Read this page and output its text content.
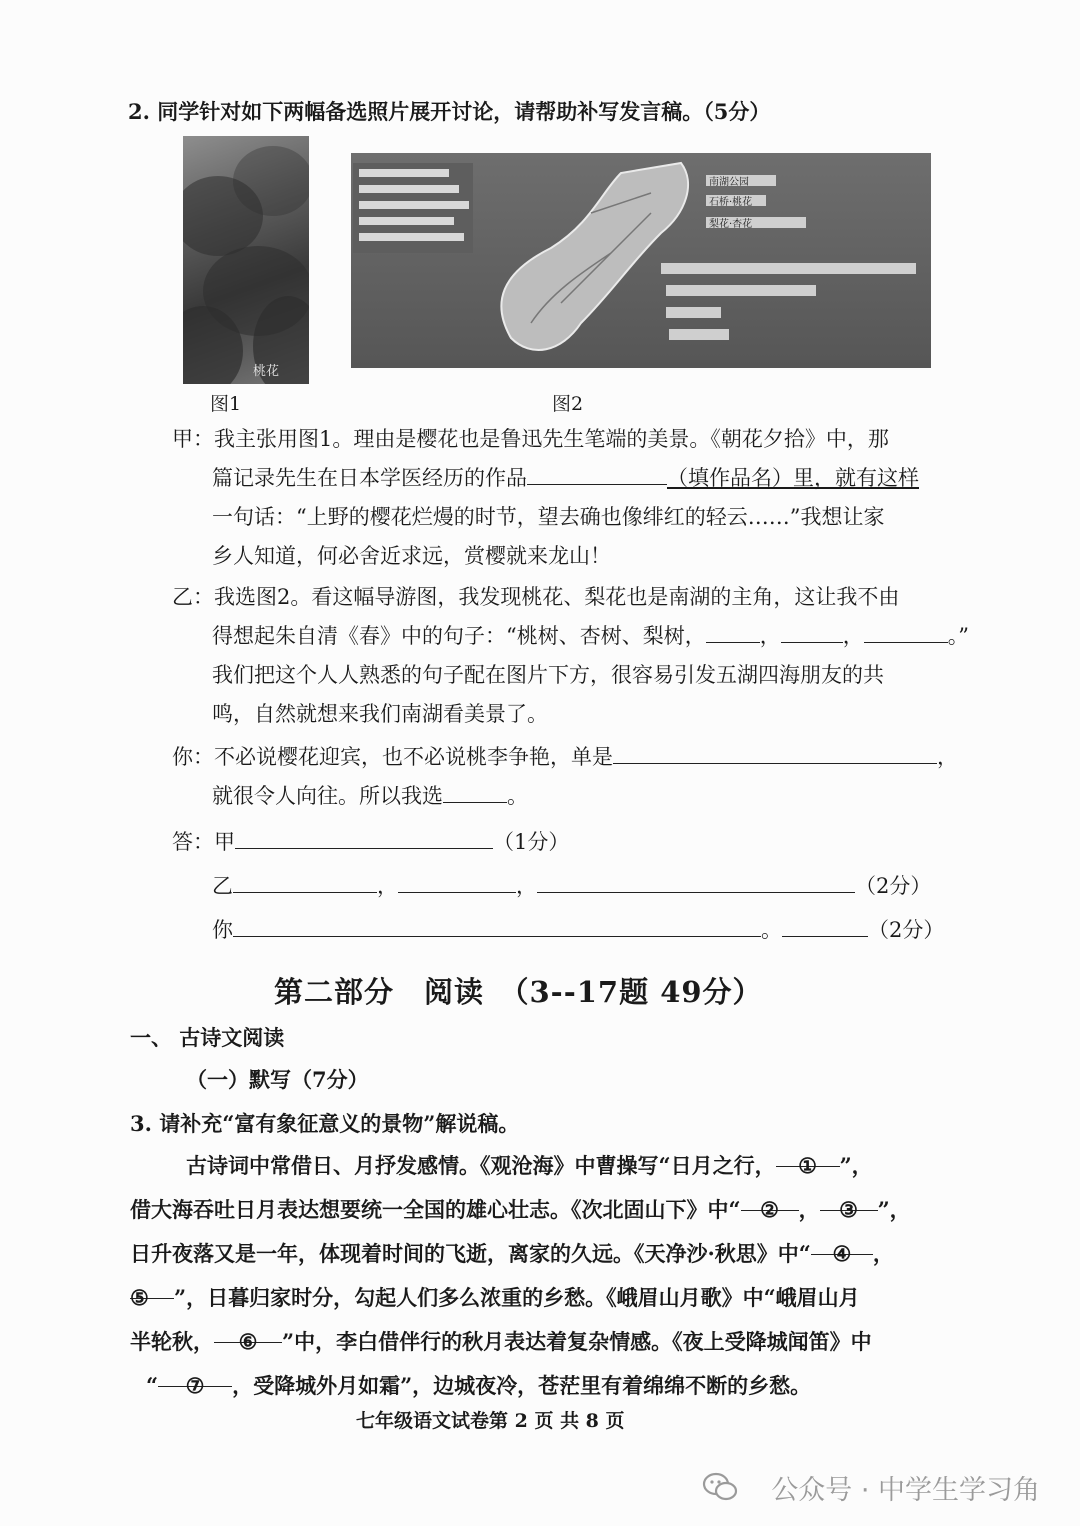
2. 同学针对如下两幅备选照片展开讨论，请帮助补写发言稿。（5分）
桃花
南湖公园
石桥·桃花
梨花·杏花
图1	图2
甲：我主张用图1。理由是樱花也是鲁迅先生笔端的美景。《朝花夕拾》中，那
篇记录先生在日本学医经历的作品	（填作品名）里，就有这样
一句话：“上野的樱花烂熳的时节，望去确也像绯红的轻云……”我想让家
乡人知道，何必舍近求远，赏樱就来龙山！
乙：我选图2。看这幅导游图，我发现桃花、梨花也是南湖的主角，这让我不由
得想起朱自清《春》中的句子：“桃树、杏树、梨树，	，	，	。”
我们把这个人人熟悉的句子配在图片下方，很容易引发五湖四海朋友的共
鸣，自然就想来我们南湖看美景了。
你：不必说樱花迎宾，也不必说桃李争艳，单是	，
就很令人向往。所以我选	。
答：甲	（1分）
乙	，	，	（2分）
你	。	（2分）
第二部分　阅读　（3--17题 49分）
一、 古诗文阅读
（一）默写（7分）
3. 请补充“富有象征意义的景物”解说稿。
古诗词中常借日、月抒发感情。《观沧海》中曹操写“日月之行， ① ”，
借大海吞吐日月表达想要统一全国的雄心壮志。《次北固山下》中“ ② ， ③ ”，
日升夜落又是一年，体现着时间的飞逝，离家的久远。《天净沙·秋思》中“ ④ ，
⑤ ”，日暮归家时分，勾起人们多么浓重的乡愁。《峨眉山月歌》中“峨眉山月
半轮秋， ⑥ ”中，李白借伴行的秋月表达着复杂情感。《夜上受降城闻笛》中
“ ⑦ ，受降城外月如霜”，边城夜冷，苍茫里有着绵绵不断的乡愁。
七年级语文试卷第 2 页 共 8 页
公众号 · 中学生学习角
